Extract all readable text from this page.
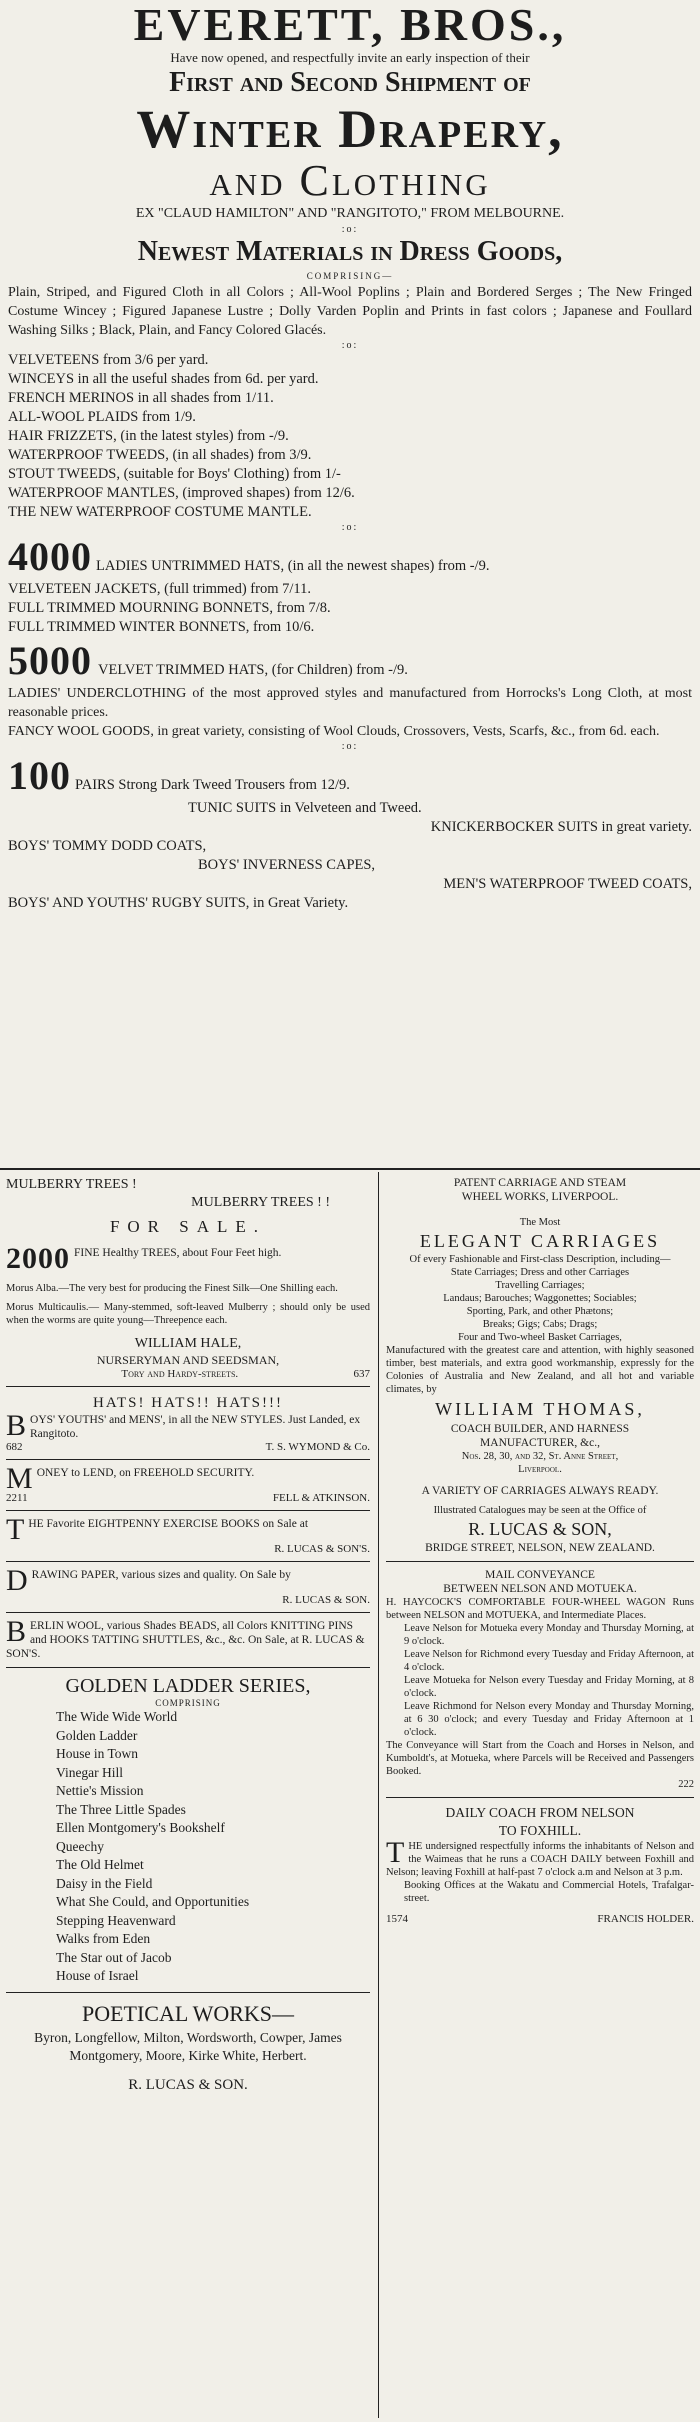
EVERETT, BROS.,
Have now opened, and respectfully invite an early inspection of their
First and Second Shipment of
Winter Drapery,
and Clothing
EX "CLAUD HAMILTON" AND "RANGITOTO," FROM MELBOURNE.
:o:
Newest Materials in Dress Goods,
COMPRISING—
Plain, Striped, and Figured Cloth in all Colors ; All-Wool Poplins ; Plain and Bordered Serges ; The New Fringed Costume Wincey ; Figured Japanese Lustre ; Dolly Varden Poplin and Prints in fast colors ; Japanese and Foullard Washing Silks ; Black, Plain, and Fancy Colored Glacés.
:o:
VELVETEENS from 3/6 per yard.
WINCEYS in all the useful shades from 6d. per yard.
FRENCH MERINOS in all shades from 1/11.
ALL-WOOL PLAIDS from 1/9.
HAIR FRIZZETS, (in the latest styles) from -/9.
WATERPROOF TWEEDS, (in all shades) from 3/9.
STOUT TWEEDS, (suitable for Boys' Clothing) from 1/-
WATERPROOF MANTLES, (improved shapes) from 12/6.
THE NEW WATERPROOF COSTUME MANTLE.
:o:
4000 LADIES UNTRIMMED HATS, (in all the newest shapes) from -/9.
VELVETEEN JACKETS, (full trimmed) from 7/11.
FULL TRIMMED MOURNING BONNETS, from 7/8.
FULL TRIMMED WINTER BONNETS, from 10/6.
5000 VELVET TRIMMED HATS, (for Children) from -/9.
LADIES' UNDERCLOTHING of the most approved styles and manufactured from Horrocks's Long Cloth, at most reasonable prices.
FANCY WOOL GOODS, in great variety, consisting of Wool Clouds, Crossovers, Vests, Scarfs, &c., from 6d. each.
:o:
100 PAIRS Strong Dark Tweed Trousers from 12/9.
TUNIC SUITS in Velveteen and Tweed.
KNICKERBOCKER SUITS in great variety.
BOYS' TOMMY DODD COATS,
BOYS' INVERNESS CAPES,
MEN'S WATERPROOF TWEED COATS,
BOYS' AND YOUTHS' RUGBY SUITS, in Great Variety.
MULBERRY TREES !
MULBERRY TREES ! !
FOR SALE.
2000 FINE Healthy TREES, about Four Feet high.
Morus Alba.—The very best for producing the Finest Silk—One Shilling each.
Morus Multicaulis.— Many-stemmed, soft-leaved Mulberry ; should only be used when the worms are quite young—Threepence each.
WILLIAM HALE,
NURSERYMAN AND SEEDSMAN,
Tory and Hardy-streets.	637
HATS! HATS!! HATS!!!
BOYS' YOUTHS' and MENS', in all the NEW STYLES. Just Landed, ex Rangitoto.
682	T. S. WYMOND & Co.
MONEY to LEND, on FREEHOLD SECURITY.
2211	FELL & ATKINSON.
THE Favorite EIGHTPENNY EXERCISE BOOKS on Sale at
R. LUCAS & SON'S.
DRAWING PAPER, various sizes and quality. On Sale by
R. LUCAS & SON.
BERLIN WOOL, various Shades BEADS, all Colors KNITTING PINS and HOOKS TATTING SHUTTLES, &c., &c. On Sale, at R. LUCAS & SON'S.
GOLDEN LADDER SERIES,
COMPRISING
The Wide Wide World
Golden Ladder
House in Town
Vinegar Hill
Nettie's Mission
The Three Little Spades
Ellen Montgomery's Bookshelf
Queechy
The Old Helmet
Daisy in the Field
What She Could, and Opportunities
Stepping Heavenward
Walks from Eden
The Star out of Jacob
House of Israel
POETICAL WORKS—
Byron, Longfellow, Milton, Wordsworth, Cowper, James Montgomery, Moore, Kirke White, Herbert.
R. LUCAS & SON.
PATENT CARRIAGE AND STEAM
WHEEL WORKS, LIVERPOOL.
The Most
ELEGANT CARRIAGES
Of every Fashionable and First-class Description, including—
State Carriages; Dress and other Carriages
Travelling Carriages;
Landaus; Barouches; Waggonettes; Sociables;
Sporting, Park, and other Phætons;
Breaks; Gigs; Cabs; Drags;
Four and Two-wheel Basket Carriages,
Manufactured with the greatest care and attention, with highly seasoned timber, best materials, and extra good workmanship, expressly for the Colonies of Australia and New Zealand, and all hot and variable climates, by
WILLIAM THOMAS,
COACH BUILDER, AND HARNESS
MANUFACTURER, &c.,
Nos. 28, 30, and 32, St. Anne Street,
Liverpool.
A VARIETY OF CARRIAGES ALWAYS READY.
Illustrated Catalogues may be seen at the Office of
R. LUCAS & SON,
BRIDGE STREET, NELSON, NEW ZEALAND.
MAIL CONVEYANCE
BETWEEN NELSON AND MOTUEKA.
H. HAYCOCK'S COMFORTABLE FOUR-WHEEL WAGON Runs between NELSON and MOTUEKA, and Intermediate Places.
Leave Nelson for Motueka every Monday and Thursday Morning, at 9 o'clock.
Leave Nelson for Richmond every Tuesday and Friday Afternoon, at 4 o'clock.
Leave Motueka for Nelson every Tuesday and Friday Morning, at 8 o'clock.
Leave Richmond for Nelson every Monday and Thursday Morning, at 6 30 o'clock; and every Tuesday and Friday Afternoon at 1 o'clock.
The Conveyance will Start from the Coach and Horses in Nelson, and Kumboldt's, at Motueka, where Parcels will be Received and Passengers Booked.
222
DAILY COACH FROM NELSON
TO FOXHILL.
THE undersigned respectfully informs the inhabitants of Nelson and the Waimeas that he runs a COACH DAILY between Foxhill and Nelson; leaving Foxhill at half-past 7 o'clock a.m and Nelson at 3 p.m.
Booking Offices at the Wakatu and Commercial Hotels, Trafalgar-street.
1574	FRANCIS HOLDER.
